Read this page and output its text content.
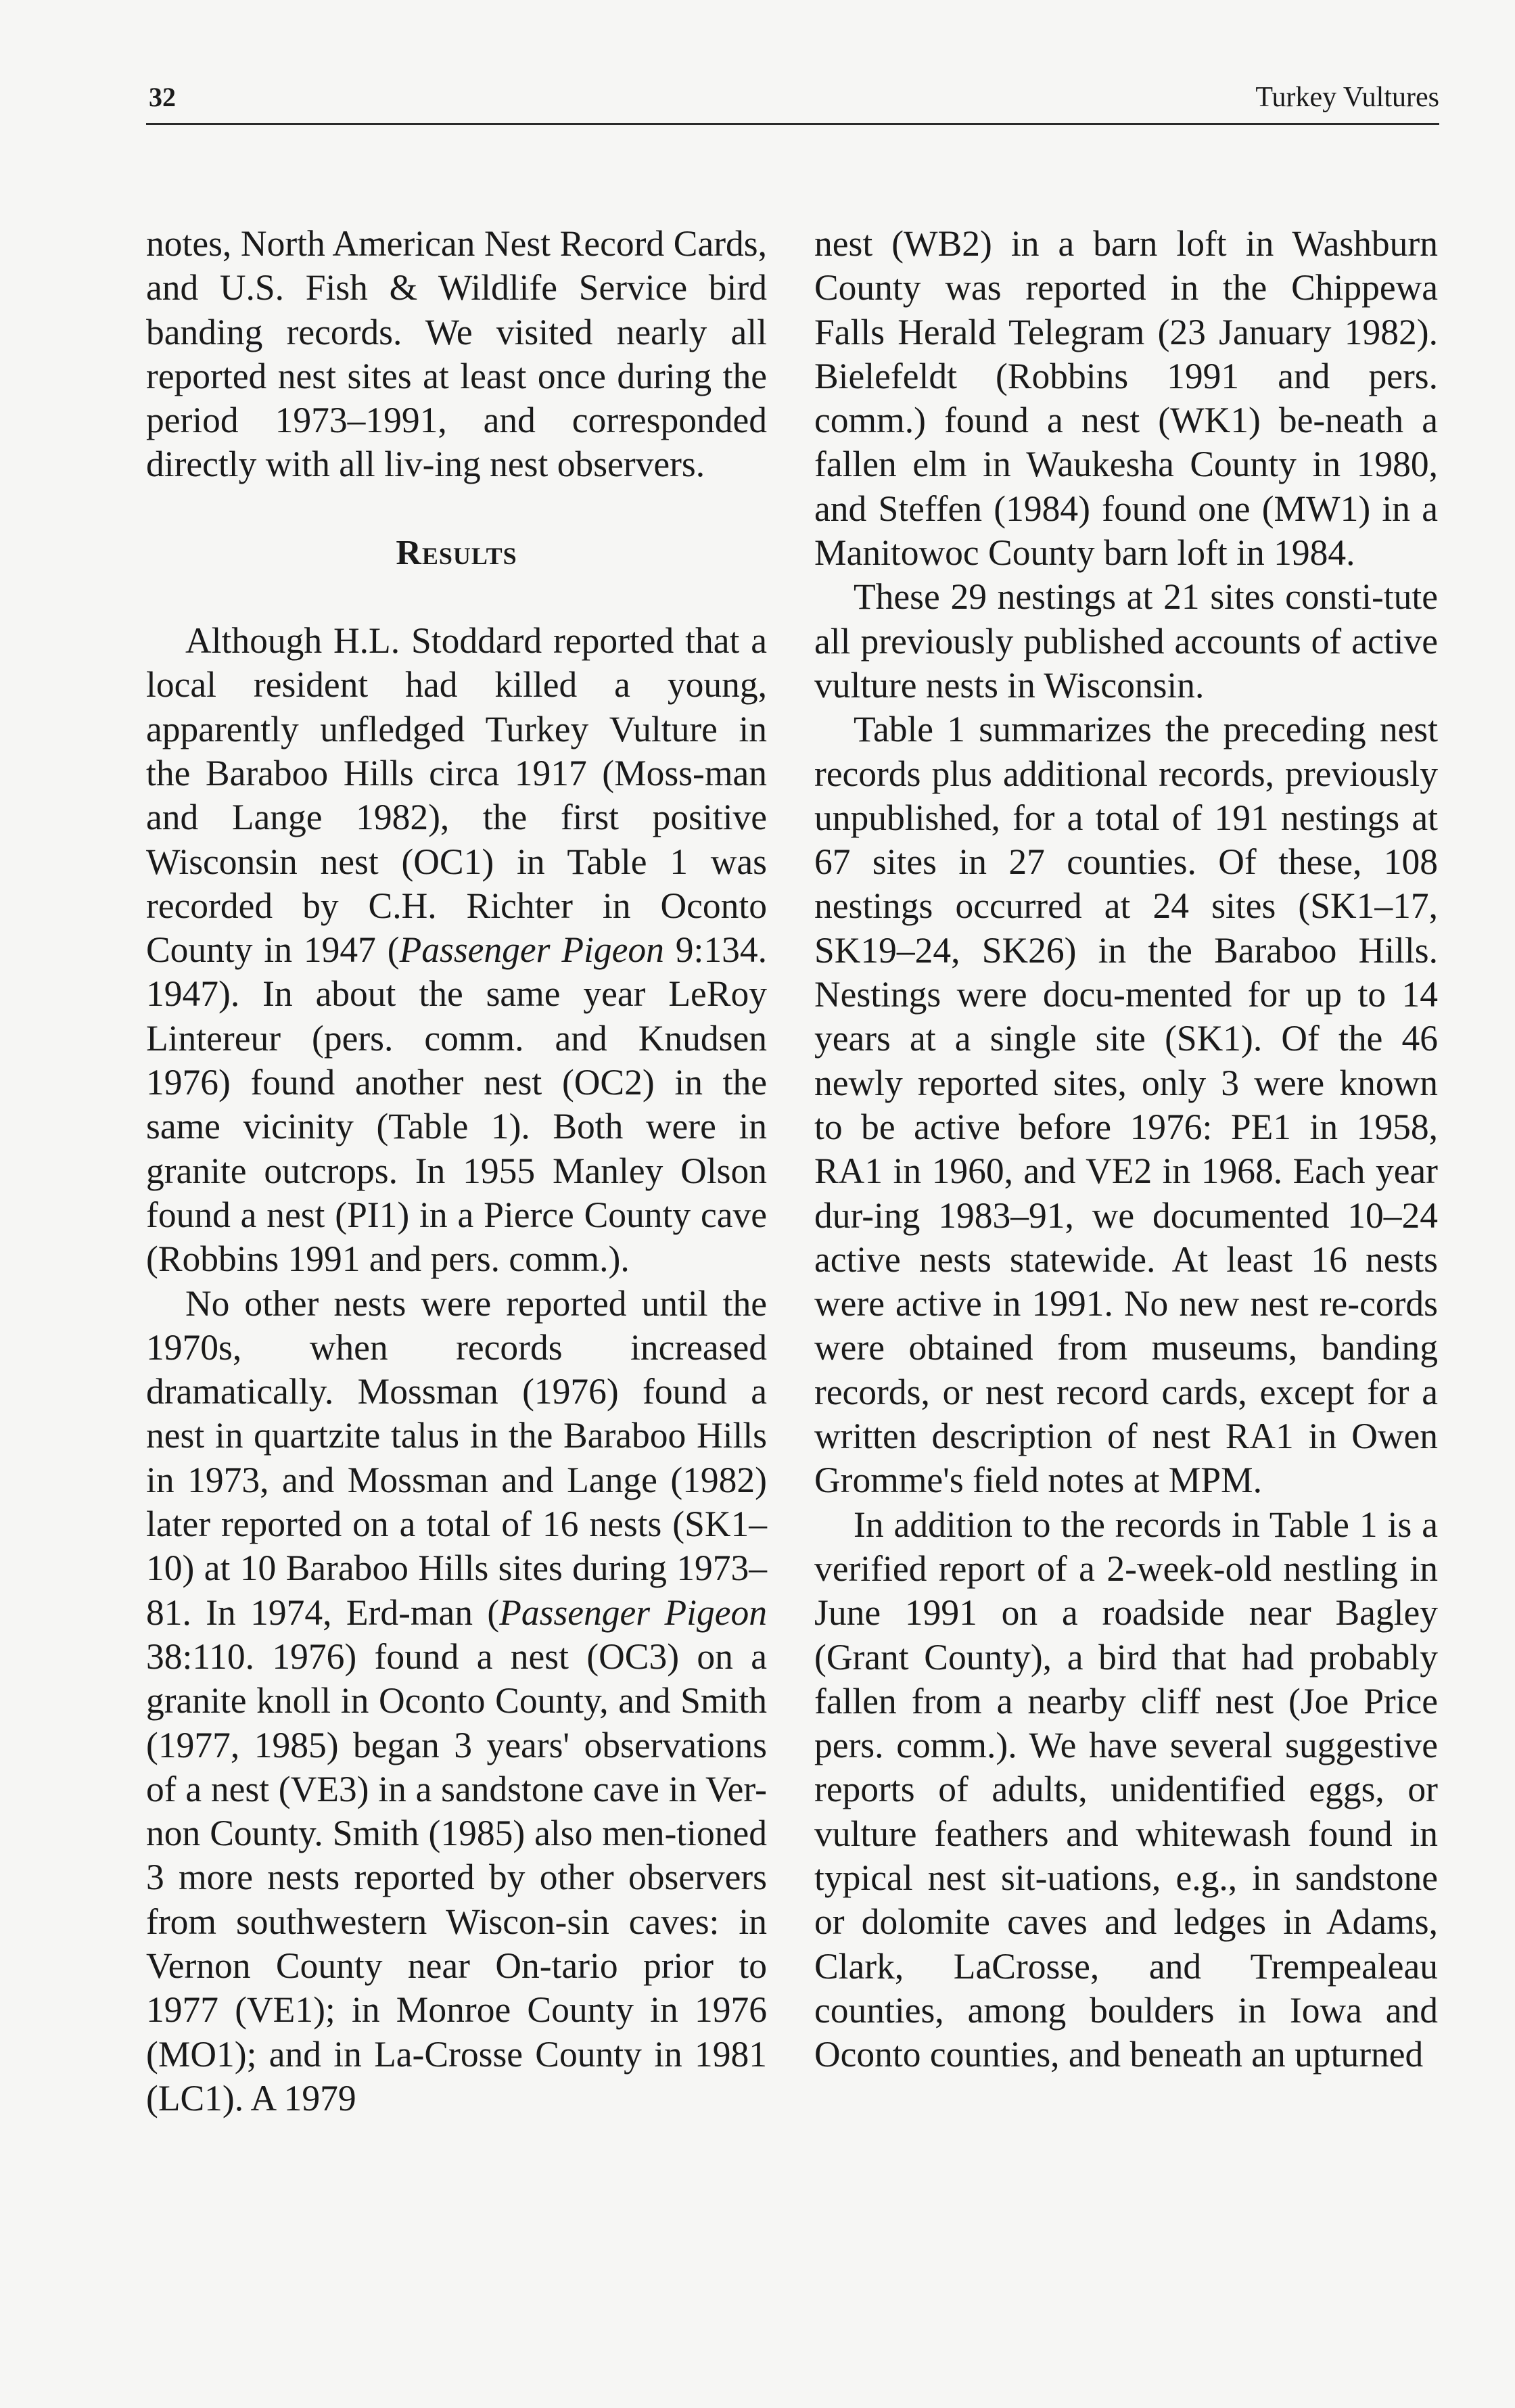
32	Turkey Vultures

notes, North American Nest Record Cards, and U.S. Fish & Wildlife Service bird banding records. We visited nearly all reported nest sites at least once during the period 1973–1991, and corresponded directly with all liv-ing nest observers.

Results

Although H.L. Stoddard reported that a local resident had killed a young, apparently unfledged Turkey Vulture in the Baraboo Hills circa 1917 (Moss-man and Lange 1982), the first positive Wisconsin nest (OC1) in Table 1 was recorded by C.H. Richter in Oconto County in 1947 (Passenger Pigeon 9:134. 1947). In about the same year LeRoy Lintereur (pers. comm. and Knudsen 1976) found another nest (OC2) in the same vicinity (Table 1). Both were in granite outcrops. In 1955 Manley Olson found a nest (PI1) in a Pierce County cave (Robbins 1991 and pers. comm.).

No other nests were reported until the 1970s, when records increased dramatically. Mossman (1976) found a nest in quartzite talus in the Baraboo Hills in 1973, and Mossman and Lange (1982) later reported on a total of 16 nests (SK1–10) at 10 Baraboo Hills sites during 1973–81. In 1974, Erd-man (Passenger Pigeon 38:110. 1976) found a nest (OC3) on a granite knoll in Oconto County, and Smith (1977, 1985) began 3 years' observations of a nest (VE3) in a sandstone cave in Ver-non County. Smith (1985) also men-tioned 3 more nests reported by other observers from southwestern Wiscon-sin caves: in Vernon County near On-tario prior to 1977 (VE1); in Monroe County in 1976 (MO1); and in La-Crosse County in 1981 (LC1). A 1979

nest (WB2) in a barn loft in Washburn County was reported in the Chippewa Falls Herald Telegram (23 January 1982). Bielefeldt (Robbins 1991 and pers. comm.) found a nest (WK1) be-neath a fallen elm in Waukesha County in 1980, and Steffen (1984) found one (MW1) in a Manitowoc County barn loft in 1984.

These 29 nestings at 21 sites consti-tute all previously published accounts of active vulture nests in Wisconsin.

Table 1 summarizes the preceding nest records plus additional records, previously unpublished, for a total of 191 nestings at 67 sites in 27 counties. Of these, 108 nestings occurred at 24 sites (SK1–17, SK19–24, SK26) in the Baraboo Hills. Nestings were docu-mented for up to 14 years at a single site (SK1). Of the 46 newly reported sites, only 3 were known to be active before 1976: PE1 in 1958, RA1 in 1960, and VE2 in 1968. Each year dur-ing 1983–91, we documented 10–24 active nests statewide. At least 16 nests were active in 1991. No new nest re-cords were obtained from museums, banding records, or nest record cards, except for a written description of nest RA1 in Owen Gromme's field notes at MPM.

In addition to the records in Table 1 is a verified report of a 2-week-old nestling in June 1991 on a roadside near Bagley (Grant County), a bird that had probably fallen from a nearby cliff nest (Joe Price pers. comm.). We have several suggestive reports of adults, unidentified eggs, or vulture feathers and whitewash found in typical nest sit-uations, e.g., in sandstone or dolomite caves and ledges in Adams, Clark, LaCrosse, and Trempealeau counties, among boulders in Iowa and Oconto counties, and beneath an upturned
